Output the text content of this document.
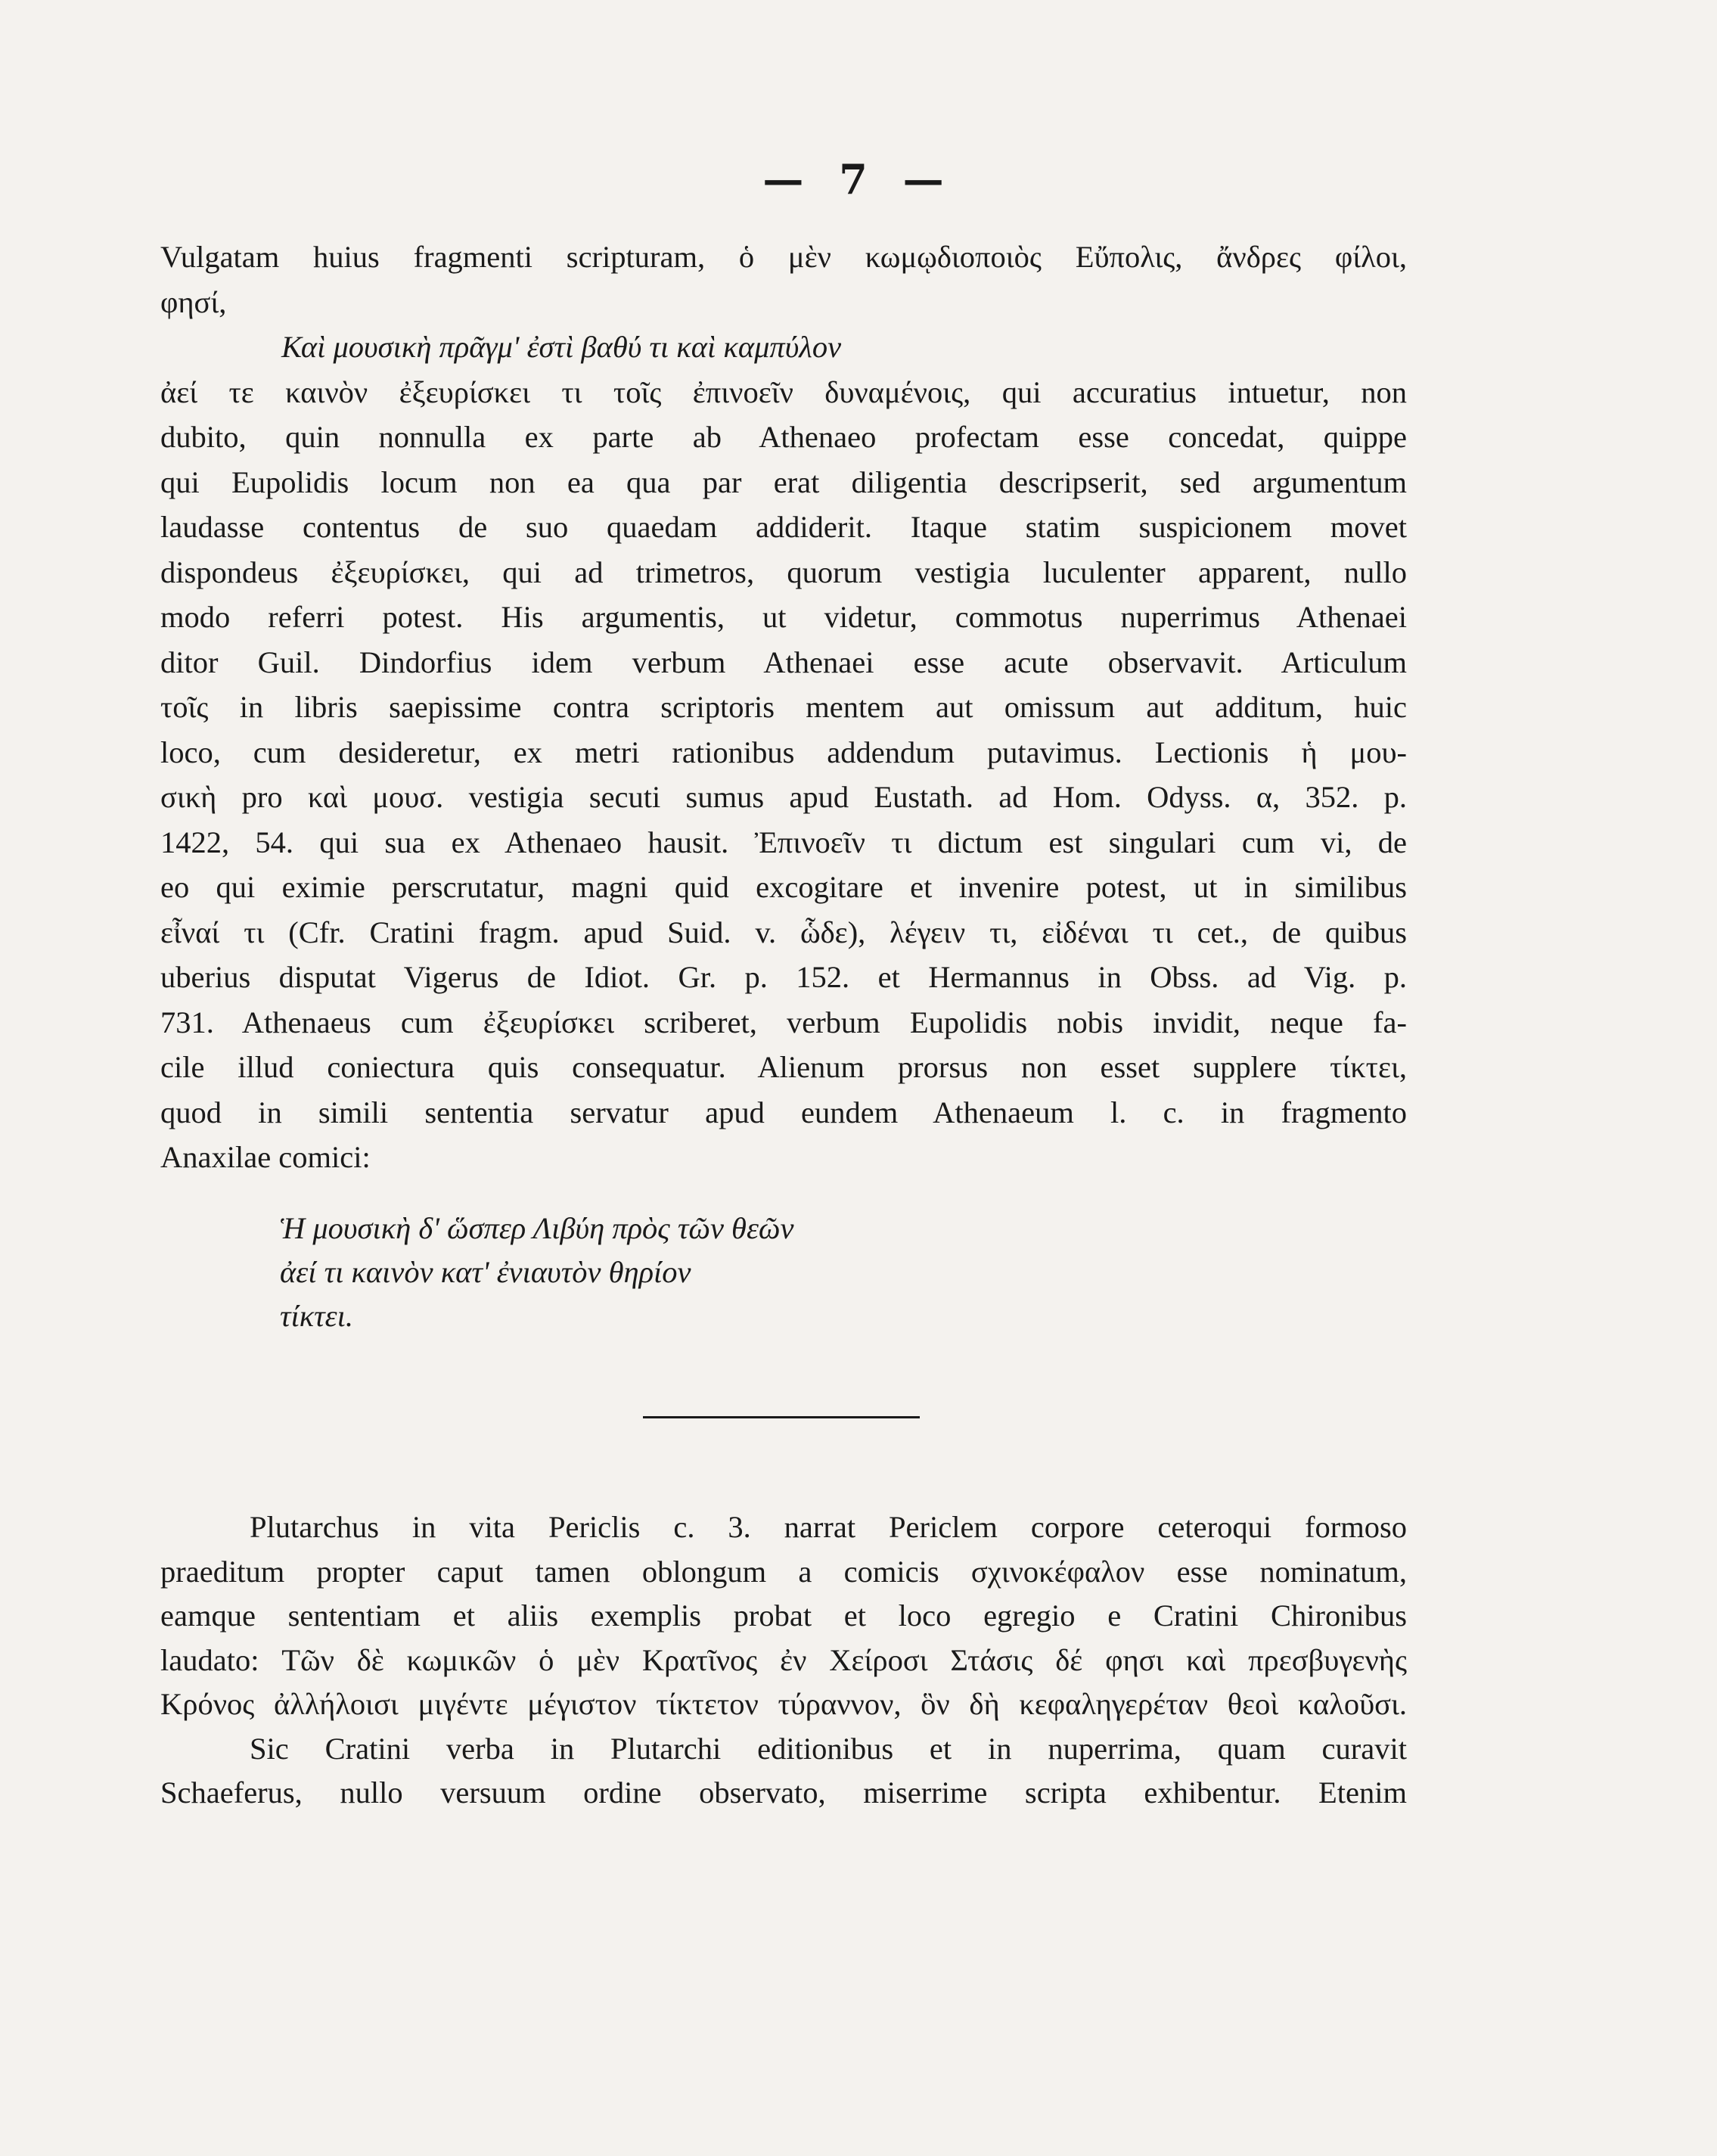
— 7 —
Vulgatam huius fragmenti scripturam, ὁ μὲν κωμῳδιοποιὸς Εὔπολις, ἄνδρες φίλοι,
φησί,
Καὶ μουσικὴ πρᾶγμ' ἐστὶ βαθύ τι καὶ καμπύλον
ἀεί τε καινὸν ἐξευρίσκει τι τοῖς ἐπινοεῖν δυναμένοις, qui accuratius intuetur, non
dubito, quin nonnulla ex parte ab Athenaeo profectam esse concedat, quippe
qui Eupolidis locum non ea qua par erat diligentia descripserit, sed argumentum
laudasse contentus de suo quaedam addiderit. Itaque statim suspicionem movet
dispondeus ἐξευρίσκει, qui ad trimetros, quorum vestigia luculenter apparent, nullo
modo referri potest. His argumentis, ut videtur, commotus nuperrimus Athenaei
ditor Guil. Dindorfius idem verbum Athenaei esse acute observavit. Articulum
τοῖς in libris saepissime contra scriptoris mentem aut omissum aut additum, huic
loco, cum desideretur, ex metri rationibus addendum putavimus. Lectionis ἡ μου-
σικὴ pro καὶ μουσ. vestigia secuti sumus apud Eustath. ad Hom. Odyss. α, 352. p.
1422, 54. qui sua ex Athenaeo hausit. Ἐπινοεῖν τι dictum est singulari cum vi, de
eo qui eximie perscrutatur, magni quid excogitare et invenire potest, ut in similibus
εἶναί τι (Cfr. Cratini fragm. apud Suid. v. ὧδε), λέγειν τι, εἰδέναι τι cet., de quibus
uberius disputat Vigerus de Idiot. Gr. p. 152. et Hermannus in Obss. ad Vig. p.
731. Athenaeus cum ἐξευρίσκει scriberet, verbum Eupolidis nobis invidit, neque fa-
cile illud coniectura quis consequatur. Alienum prorsus non esset supplere τίκτει,
quod in simili sententia servatur apud eundem Athenaeum l. c. in fragmento
Anaxilae comici:
Ἡ μουσικὴ δ' ὥσπερ Λιβύη πρὸς τῶν θεῶν
ἀεί τι καινὸν κατ' ἐνιαυτὸν θηρίον
τίκτει.
Plutarchus in vita Periclis c. 3. narrat Periclem corpore ceteroqui formoso
praeditum propter caput tamen oblongum a comicis σχινοκέφαλον esse nominatum,
eamque sententiam et aliis exemplis probat et loco egregio e Cratini Chironibus
laudato: Τῶν δὲ κωμικῶν ὁ μὲν Κρατῖνος ἐν Χείροσι Στάσις δέ φησι καὶ πρεσβυγενὴς
Κρόνος ἀλλήλοισι μιγέντε μέγιστον τίκτετον τύραννον, ὃν δὴ κεφαληγερέταν θεοὶ καλοῦσι.
Sic Cratini verba in Plutarchi editionibus et in nuperrima, quam curavit
Schaeferus, nullo versuum ordine observato, miserrime scripta exhibentur. Etenim
